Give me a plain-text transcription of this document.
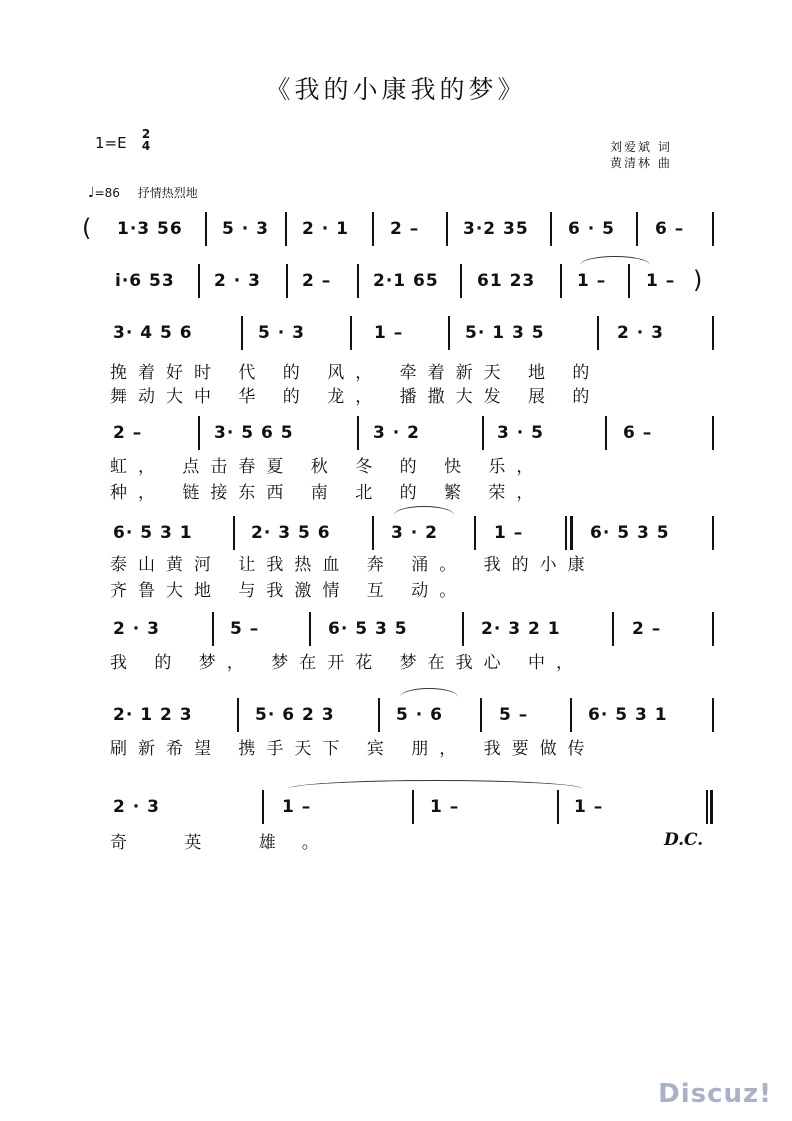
《我的小康我的梦》
1=E 2
4	刘爱斌 词
黄清林 曲
♩=86 抒情热烈地
( 1·3 56 5 · 3 2 · 1 2 –	3·2 35 6 · 5 6 –
i·6 53 2 · 3 2 – 2·1 65 61 23 1 – 1 – )
3· 4 5 6	5 · 3	1 –	5· 1 3 5	2 · 3
挽着好时 代 的 风， 牵着新天 地 的
舞动大中 华 的 龙， 播撒大发 展 的
2 –	3· 5 6 5	3 · 2	3 · 5	6 –
虹， 点击春夏 秋 冬 的 快 乐，
种， 链接东西 南 北 的 繁 荣，
6· 5 3 1	2· 3 5 6	3 · 2	1 –	6· 5 3 5
泰山黄河 让我热血 奔 涌。 我的小康
齐鲁大地 与我激情 互 动。
2 · 3	5 –	6· 5 3 5	2· 3 2 1	2 –
我 的 梦， 梦在开花 梦在我心 中，
2· 1 2 3	5· 6 2 3	5 · 6	5 –	6· 5 3 1
刷新希望 携手天下 宾 朋， 我要做传
2 · 3	1 –	1 –	1 –
奇 英 雄。	D.C.
Discuz!
